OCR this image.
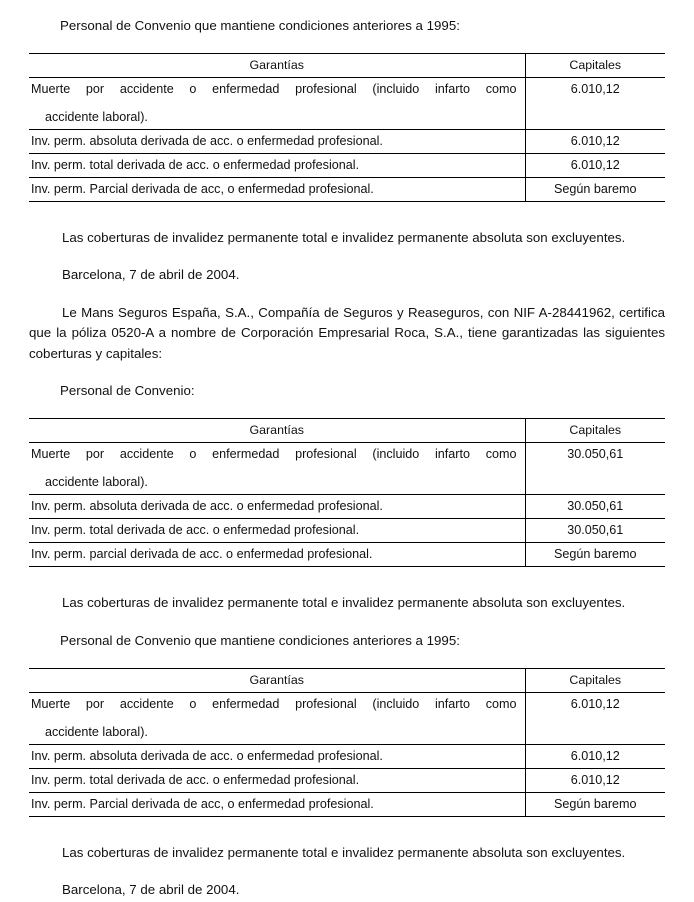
Personal de Convenio que mantiene condiciones anteriores a 1995:

Garantías	Capitales

Muerte por accidente o enfermedad profesional (incluido infarto como
accidente laboral).	6.010,12
Inv. perm. absoluta derivada de acc. o enfermedad profesional.	6.010,12
Inv. perm. total derivada de acc. o enfermedad profesional.	6.010,12
Inv. perm. Parcial derivada de acc, o enfermedad profesional.	Según baremo

Las coberturas de invalidez permanente total e invalidez permanente absoluta son excluyentes.

Barcelona, 7 de abril de 2004.

Le Mans Seguros España, S.A., Compañía de Seguros y Reaseguros, con NIF A-28441962, certifica que la póliza 0520-A a nombre de Corporación Empresarial Roca, S.A., tiene garantizadas las siguientes coberturas y capitales:

Personal de Convenio:

Garantías	Capitales

Muerte por accidente o enfermedad profesional (incluido infarto como
accidente laboral).	30.050,61
Inv. perm. absoluta derivada de acc. o enfermedad profesional.	30.050,61
Inv. perm. total derivada de acc. o enfermedad profesional.	30.050,61
Inv. perm. parcial derivada de acc. o enfermedad profesional.	Según baremo

Las coberturas de invalidez permanente total e invalidez permanente absoluta son excluyentes.

Personal de Convenio que mantiene condiciones anteriores a 1995:

Garantías	Capitales

Muerte por accidente o enfermedad profesional (incluido infarto como
accidente laboral).	6.010,12
Inv. perm. absoluta derivada de acc. o enfermedad profesional.	6.010,12
Inv. perm. total derivada de acc. o enfermedad profesional.	6.010,12
Inv. perm. Parcial derivada de acc, o enfermedad profesional.	Según baremo

Las coberturas de invalidez permanente total e invalidez permanente absoluta son excluyentes.

Barcelona, 7 de abril de 2004.
